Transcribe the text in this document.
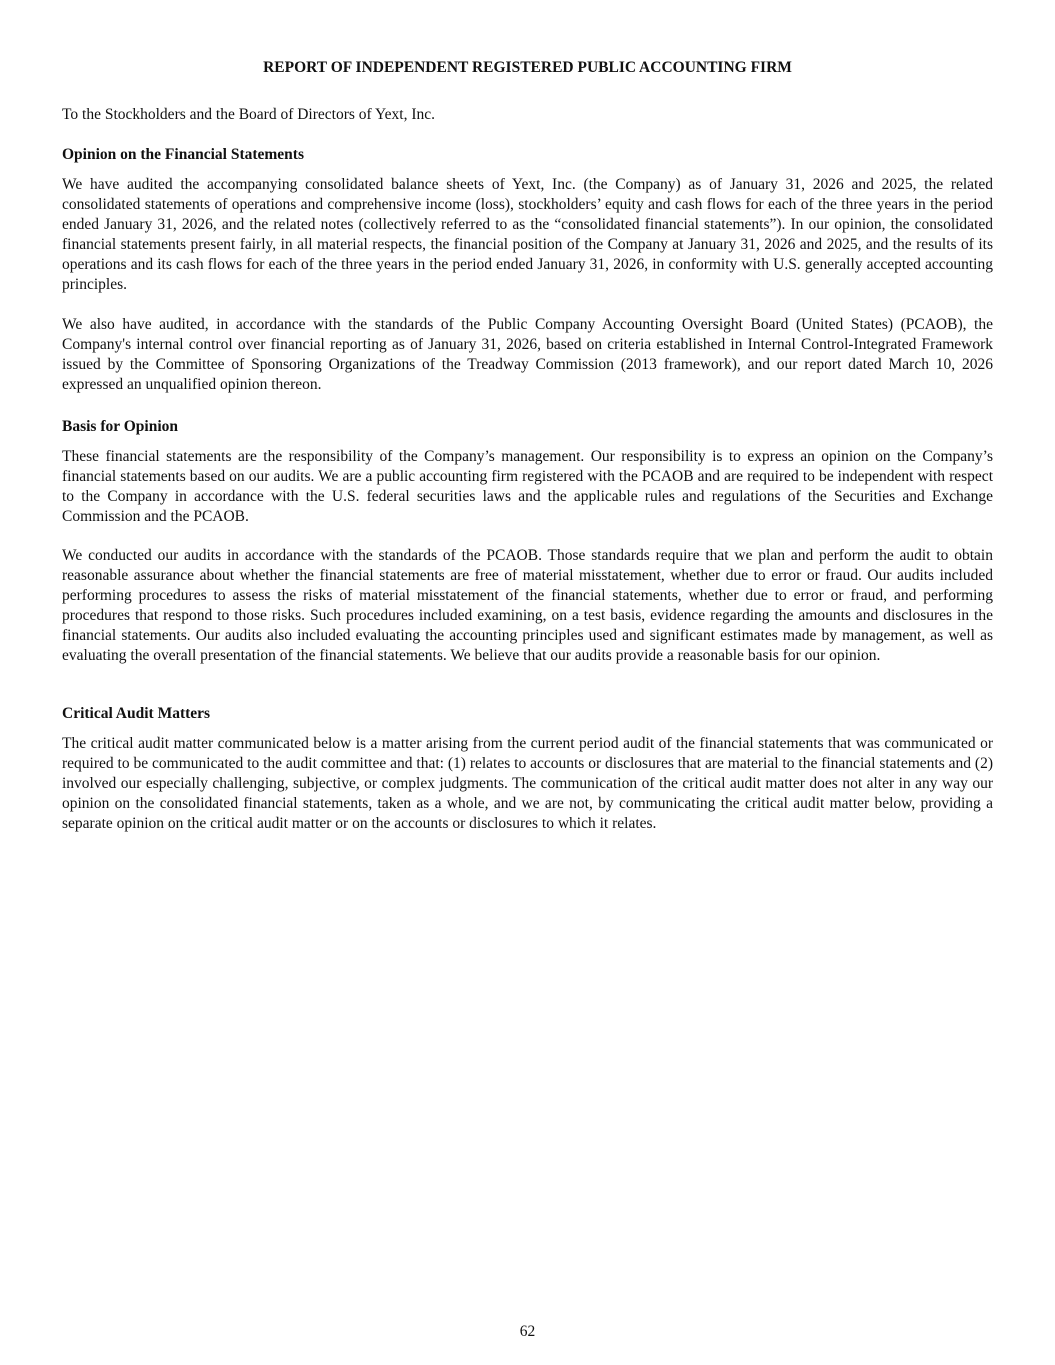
REPORT OF INDEPENDENT REGISTERED PUBLIC ACCOUNTING FIRM
To the Stockholders and the Board of Directors of Yext, Inc.
Opinion on the Financial Statements

We have audited the accompanying consolidated balance sheets of Yext, Inc. (the Company) as of January 31, 2026 and 2025, the related consolidated statements of operations and comprehensive income (loss), stockholders’ equity and cash flows for each of the three years in the period ended January 31, 2026, and the related notes (collectively referred to as the “consolidated financial statements”). In our opinion, the consolidated financial statements present fairly, in all material respects, the financial position of the Company at January 31, 2026 and 2025, and the results of its operations and its cash flows for each of the three years in the period ended January 31, 2026, in conformity with U.S. generally accepted accounting principles.

We also have audited, in accordance with the standards of the Public Company Accounting Oversight Board (United States) (PCAOB), the Company's internal control over financial reporting as of January 31, 2026, based on criteria established in Internal Control-Integrated Framework issued by the Committee of Sponsoring Organizations of the Treadway Commission (2013 framework), and our report dated March 10, 2026 expressed an unqualified opinion thereon.

Basis for Opinion

These financial statements are the responsibility of the Company’s management. Our responsibility is to express an opinion on the Company’s financial statements based on our audits. We are a public accounting firm registered with the PCAOB and are required to be independent with respect to the Company in accordance with the U.S. federal securities laws and the applicable rules and regulations of the Securities and Exchange Commission and the PCAOB.

We conducted our audits in accordance with the standards of the PCAOB. Those standards require that we plan and perform the audit to obtain reasonable assurance about whether the financial statements are free of material misstatement, whether due to error or fraud. Our audits included performing procedures to assess the risks of material misstatement of the financial statements, whether due to error or fraud, and performing procedures that respond to those risks. Such procedures included examining, on a test basis, evidence regarding the amounts and disclosures in the financial statements. Our audits also included evaluating the accounting principles used and significant estimates made by management, as well as evaluating the overall presentation of the financial statements. We believe that our audits provide a reasonable basis for our opinion.

Critical Audit Matters

The critical audit matter communicated below is a matter arising from the current period audit of the financial statements that was communicated or required to be communicated to the audit committee and that: (1) relates to accounts or disclosures that are material to the financial statements and (2) involved our especially challenging, subjective, or complex judgments. The communication of the critical audit matter does not alter in any way our opinion on the consolidated financial statements, taken as a whole, and we are not, by communicating the critical audit matter below, providing a separate opinion on the critical audit matter or on the accounts or disclosures to which it relates.

62
